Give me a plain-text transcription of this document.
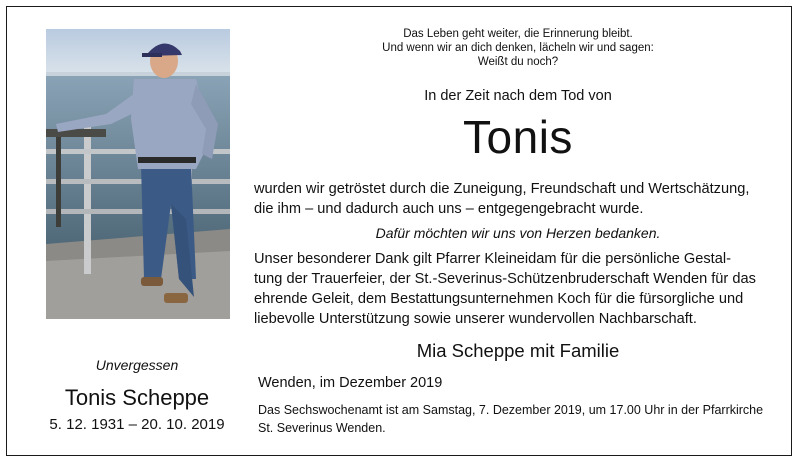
Unvergessen
Tonis Scheppe
5. 12. 1931 – 20. 10. 2019
Das Leben geht weiter, die Erinnerung bleibt.
Und wenn wir an dich denken, lächeln wir und sagen:
Weißt du noch?
In der Zeit nach dem Tod von
Tonis
wurden wir getröstet durch die Zuneigung, Freundschaft und Wertschätzung,
die ihm – und dadurch auch uns – entgegengebracht wurde.
Dafür möchten wir uns von Herzen bedanken.
Unser besonderer Dank gilt Pfarrer Kleineidam für die persönliche Gestal-
tung der Trauerfeier, der St.-Severinus-Schützenbruderschaft Wenden für das
ehrende Geleit, dem Bestattungsunternehmen Koch für die fürsorgliche und
liebevolle Unterstützung sowie unserer wundervollen Nachbarschaft.
Mia Scheppe mit Familie
Wenden, im Dezember 2019
Das Sechswochenamt ist am Samstag, 7. Dezember 2019, um 17.00 Uhr in der Pfarrkirche
St. Severinus Wenden.
